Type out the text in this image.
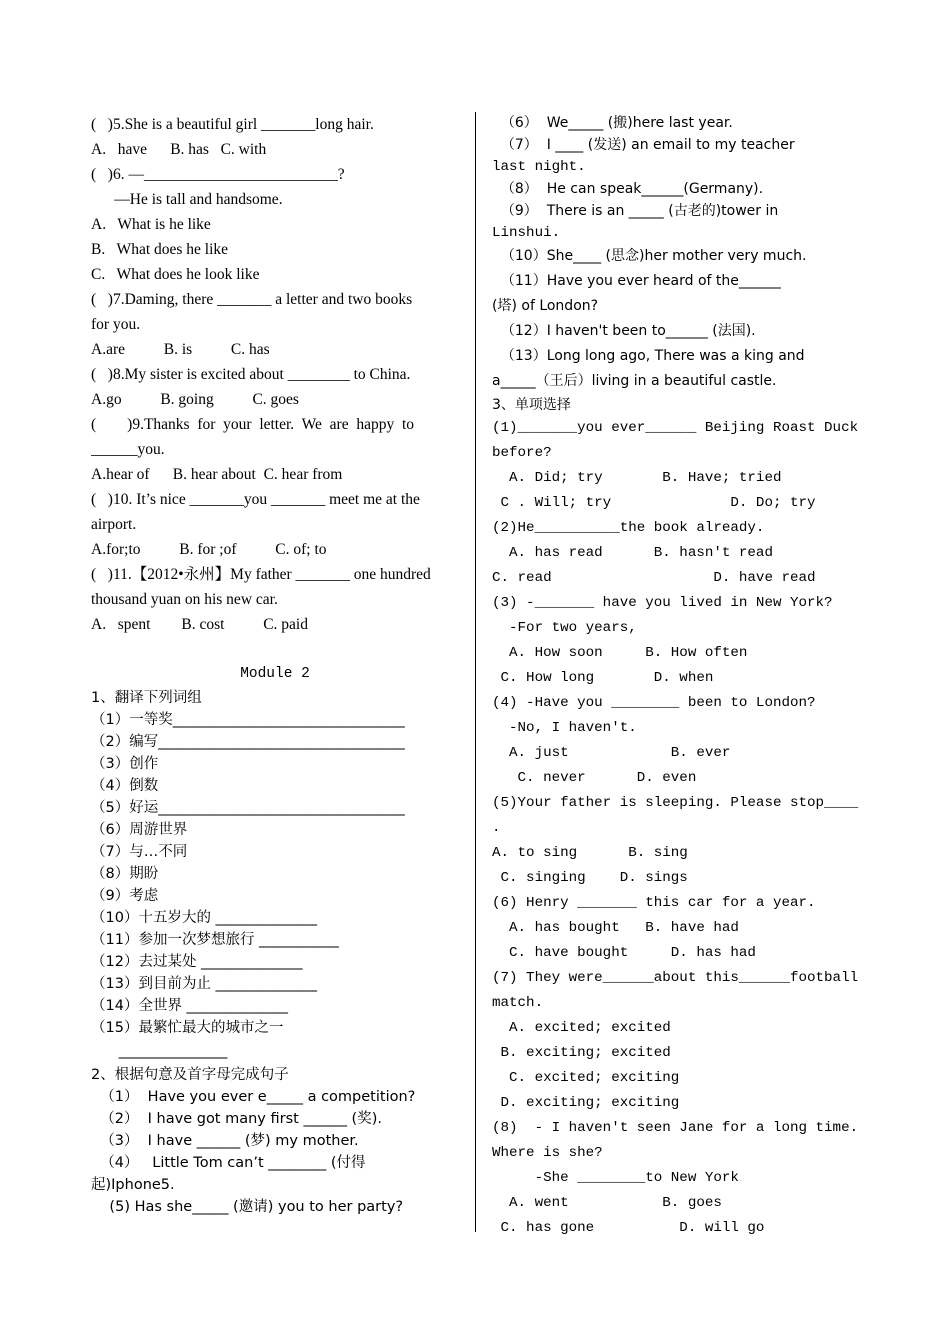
(   )5.She is a beautiful girl _______long hair.
A.   have      B. has   C. with
(   )6. —_________________________?
—He is tall and handsome.
A.   What is he like
B.   What does he like
C.   What does he look like
(   )7.Daming, there _______ a letter and two books
for you.
A.are          B. is          C. has
(   )8.My sister is excited about ________ to China.
A.go          B. going          C. goes
(        )9.Thanks  for  your  letter.  We  are  happy  to
______you.
A.hear of      B. hear about  C. hear from
(   )10. It’s nice _______you _______ meet me at the
airport.
A.for;to          B. for ;of          C. of; to
(   )11.【2012•永州】My father _______ one hundred
thousand yuan on his new car.
A.   spent        B. cost          C. paid
Module 2
1、翻译下列词组
（1）一等奖________________________________
（2）编写__________________________________
（3）创作
（4）倒数
（5）好运__________________________________
（6）周游世界
（7）与…不同
（8）期盼
（9）考虑
（10）十五岁大的 ______________
（11）参加一次梦想旅行 ___________
（12）去过某处 ______________
（13）到目前为止 ______________
（14）全世界 ______________
（15）最繁忙最大的城市之一
_______________
2、根据句意及首字母完成句子
（1）  Have you ever e_____ a competition?
（2）  I have got many first ______ (奖).
（3）  I have ______ (梦) my mother.
（4）   Little Tom can’t ________ (付得
起)Iphone5.
(5) Has she_____ (邀请) you to her party?
（6）  We_____ (搬)here last year.
（7）  I ____ (发送) an email to my teacher
last night.
（8）  He can speak______(Germany).
（9）  There is an _____ (古老的)tower in
Linshui.
（10）She____ (思念)her mother very much.
（11）Have you ever heard of the______
(塔) of London?
（12）I haven't been to______ (法国).
（13）Long long ago, There was a king and
a_____（王后）living in a beautiful castle.
3、单项选择
(1)_______you ever______ Beijing Roast Duck
before?
A. Did; try       B. Have; tried
C . Will; try              D. Do; try
(2)He__________the book already.
A. has read      B. hasn't read
C. read                   D. have read
(3) -_______ have you lived in New York?
-For two years,
A. How soon     B. How often
C. How long       D. when
(4) -Have you ________ been to London?
-No, I haven't.
A. just            B. ever
C. never      D. even
(5)Your father is sleeping. Please stop____
.
A. to sing      B. sing
C. singing    D. sings
(6) Henry _______ this car for a year.
A. has bought   B. have had
C. have bought     D. has had
(7) They were______about this______football
match.
A. excited; excited
B. exciting; excited
C. excited; exciting
D. exciting; exciting
(8)  - I haven't seen Jane for a long time.
Where is she?
-She ________to New York
A. went           B. goes
C. has gone          D. will go
